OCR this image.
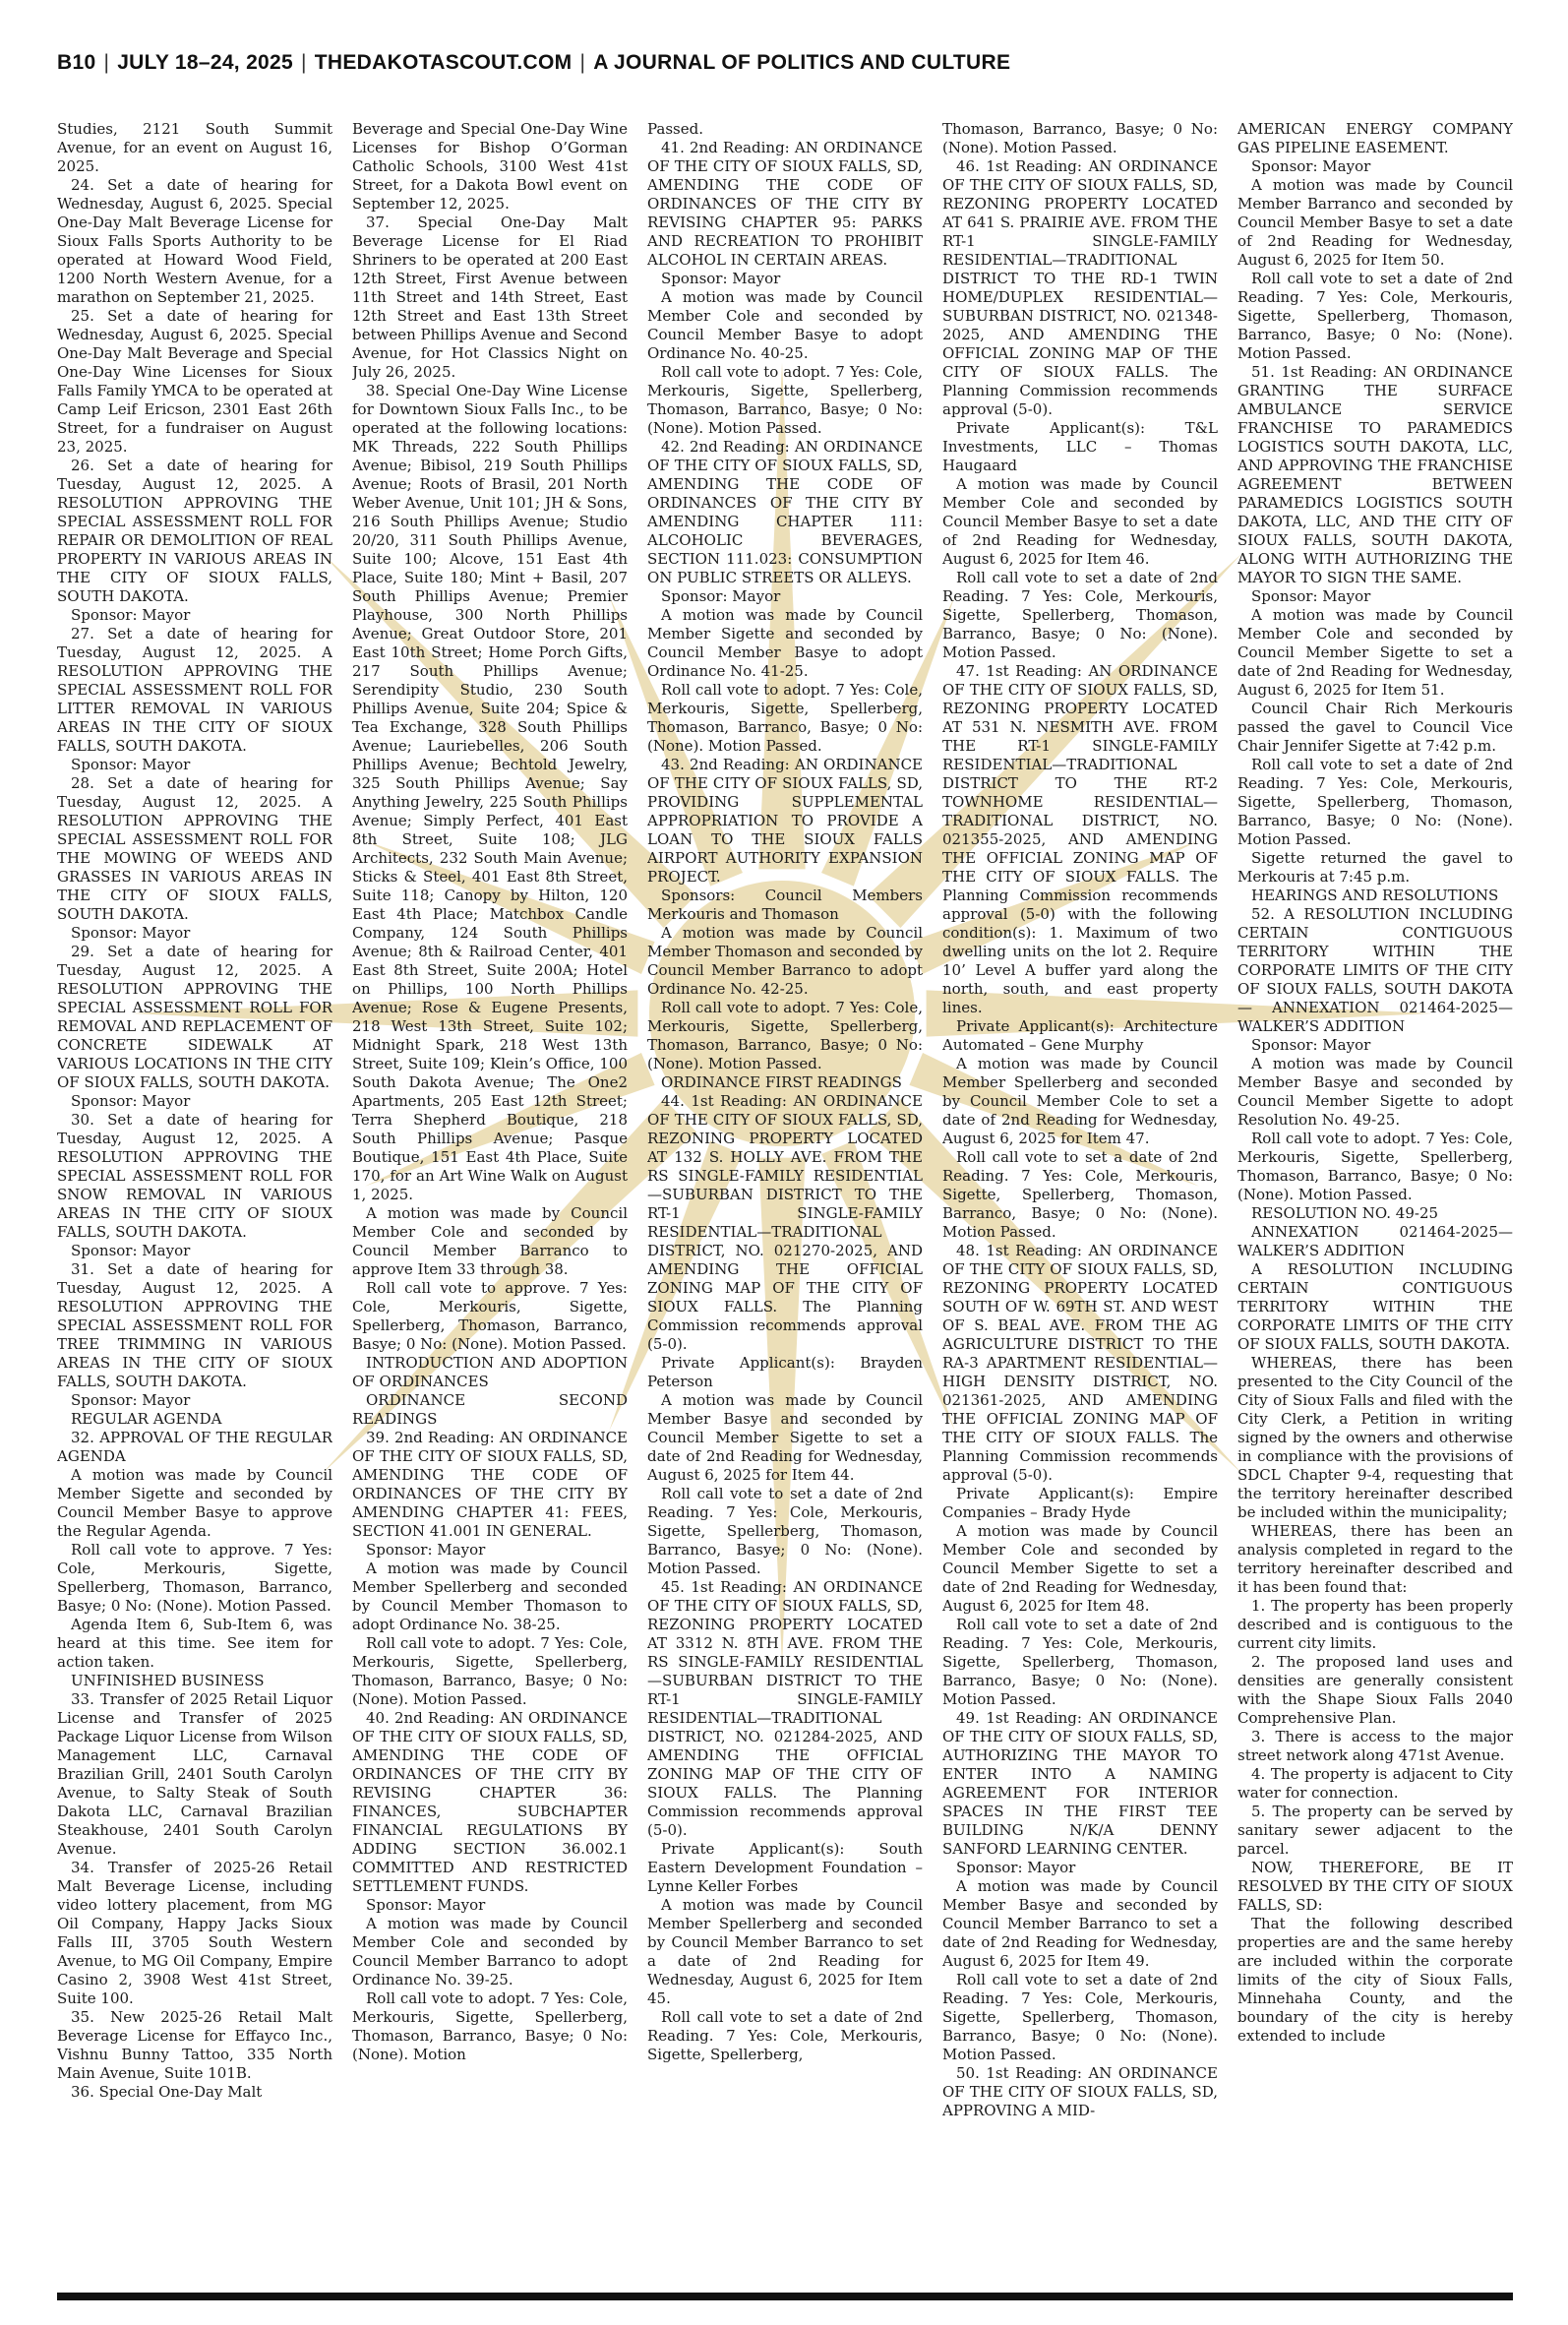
B10 | JULY 18–24, 2025 | THEDAKOTASCOUT.COM | A JOURNAL OF POLITICS AND CULTURE

Studies, 2121 South Summit Avenue, for an event on August 16, 2025.

24. Set a date of hearing for Wednesday, August 6, 2025. Special One-Day Malt Beverage License for Sioux Falls Sports Authority to be operated at Howard Wood Field, 1200 North Western Avenue, for a marathon on September 21, 2025.

25. Set a date of hearing for Wednesday, August 6, 2025. Special One-Day Malt Beverage and Special One-Day Wine Licenses for Sioux Falls Family YMCA to be operated at Camp Leif Ericson, 2301 East 26th Street, for a fundraiser on August 23, 2025.

26. Set a date of hearing for Tuesday, August 12, 2025. A RESOLUTION APPROVING THE SPECIAL ASSESSMENT ROLL FOR REPAIR OR DEMOLITION OF REAL PROPERTY IN VARIOUS AREAS IN THE CITY OF SIOUX FALLS, SOUTH DAKOTA.

Sponsor: Mayor

27. Set a date of hearing for Tuesday, August 12, 2025. A RESOLUTION APPROVING THE SPECIAL ASSESSMENT ROLL FOR LITTER REMOVAL IN VARIOUS AREAS IN THE CITY OF SIOUX FALLS, SOUTH DAKOTA.

Sponsor: Mayor

28. Set a date of hearing for Tuesday, August 12, 2025. A RESOLUTION APPROVING THE SPECIAL ASSESSMENT ROLL FOR THE MOWING OF WEEDS AND GRASSES IN VARIOUS AREAS IN THE CITY OF SIOUX FALLS, SOUTH DAKOTA.

Sponsor: Mayor

29. Set a date of hearing for Tuesday, August 12, 2025. A RESOLUTION APPROVING THE SPECIAL ASSESSMENT ROLL FOR REMOVAL AND REPLACEMENT OF CONCRETE SIDEWALK AT VARIOUS LOCATIONS IN THE CITY OF SIOUX FALLS, SOUTH DAKOTA.

Sponsor: Mayor

30. Set a date of hearing for Tuesday, August 12, 2025. A RESOLUTION APPROVING THE SPECIAL ASSESSMENT ROLL FOR SNOW REMOVAL IN VARIOUS AREAS IN THE CITY OF SIOUX FALLS, SOUTH DAKOTA.

Sponsor: Mayor

31. Set a date of hearing for Tuesday, August 12, 2025. A RESOLUTION APPROVING THE SPECIAL ASSESSMENT ROLL FOR TREE TRIMMING IN VARIOUS AREAS IN THE CITY OF SIOUX FALLS, SOUTH DAKOTA.

Sponsor: Mayor

REGULAR AGENDA

32. APPROVAL OF THE REGULAR AGENDA

A motion was made by Council Member Sigette and seconded by Council Member Basye to approve the Regular Agenda.

Roll call vote to approve. 7 Yes: Cole, Merkouris, Sigette, Spellerberg, Thomason, Barranco, Basye; 0 No: (None). Motion Passed.

Agenda Item 6, Sub-Item 6, was heard at this time. See item for action taken.

UNFINISHED BUSINESS

33. Transfer of 2025 Retail Liquor License and Transfer of 2025 Package Liquor License from Wilson Management LLC, Carnaval Brazilian Grill, 2401 South Carolyn Avenue, to Salty Steak of South Dakota LLC, Carnaval Brazilian Steakhouse, 2401 South Carolyn Avenue.

34. Transfer of 2025-26 Retail Malt Beverage License, including video lottery placement, from MG Oil Company, Happy Jacks Sioux Falls III, 3705 South Western Avenue, to MG Oil Company, Empire Casino 2, 3908 West 41st Street, Suite 100.

35. New 2025-26 Retail Malt Beverage License for Effayco Inc., Vishnu Bunny Tattoo, 335 North Main Avenue, Suite 101B.

36. Special One-Day Malt

Beverage and Special One-Day Wine Licenses for Bishop O’Gorman Catholic Schools, 3100 West 41st Street, for a Dakota Bowl event on September 12, 2025.

37. Special One-Day Malt Beverage License for El Riad Shriners to be operated at 200 East 12th Street, First Avenue between 11th Street and 14th Street, East 12th Street and East 13th Street between Phillips Avenue and Second Avenue, for Hot Classics Night on July 26, 2025.

38. Special One-Day Wine License for Downtown Sioux Falls Inc., to be operated at the following locations: MK Threads, 222 South Phillips Avenue; Bibisol, 219 South Phillips Avenue; Roots of Brasil, 201 North Weber Avenue, Unit 101; JH & Sons, 216 South Phillips Avenue; Studio 20/20, 311 South Phillips Avenue, Suite 100; Alcove, 151 East 4th Place, Suite 180; Mint + Basil, 207 South Phillips Avenue; Premier Playhouse, 300 North Phillips Avenue; Great Outdoor Store, 201 East 10th Street; Home Porch Gifts, 217 South Phillips Avenue; Serendipity Studio, 230 South Phillips Avenue, Suite 204; Spice & Tea Exchange, 328 South Phillips Avenue; Lauriebelles, 206 South Phillips Avenue; Bechtold Jewelry, 325 South Phillips Avenue; Say Anything Jewelry, 225 South Phillips Avenue; Simply Perfect, 401 East 8th Street, Suite 108; JLG Architects, 232 South Main Avenue; Sticks & Steel, 401 East 8th Street, Suite 118; Canopy by Hilton, 120 East 4th Place; Matchbox Candle Company, 124 South Phillips Avenue; 8th & Railroad Center, 401 East 8th Street, Suite 200A; Hotel on Phillips, 100 North Phillips Avenue; Rose & Eugene Presents, 218 West 13th Street, Suite 102; Midnight Spark, 218 West 13th Street, Suite 109; Klein’s Office, 100 South Dakota Avenue; The One2 Apartments, 205 East 12th Street; Terra Shepherd Boutique, 218 South Phillips Avenue; Pasque Boutique, 151 East 4th Place, Suite 170, for an Art Wine Walk on August 1, 2025.

A motion was made by Council Member Cole and seconded by Council Member Barranco to approve Item 33 through 38.

Roll call vote to approve. 7 Yes: Cole, Merkouris, Sigette, Spellerberg, Thomason, Barranco, Basye; 0 No: (None). Motion Passed.

INTRODUCTION AND ADOPTION OF ORDINANCES

ORDINANCE SECOND READINGS

39. 2nd Reading: AN ORDINANCE OF THE CITY OF SIOUX FALLS, SD, AMENDING THE CODE OF ORDINANCES OF THE CITY BY AMENDING CHAPTER 41: FEES, SECTION 41.001 IN GENERAL.

Sponsor: Mayor

A motion was made by Council Member Spellerberg and seconded by Council Member Thomason to adopt Ordinance No. 38-25.

Roll call vote to adopt. 7 Yes: Cole, Merkouris, Sigette, Spellerberg, Thomason, Barranco, Basye; 0 No: (None). Motion Passed.

40. 2nd Reading: AN ORDINANCE OF THE CITY OF SIOUX FALLS, SD, AMENDING THE CODE OF ORDINANCES OF THE CITY BY REVISING CHAPTER 36: FINANCES, SUBCHAPTER FINANCIAL REGULATIONS BY ADDING SECTION 36.002.1 COMMITTED AND RESTRICTED SETTLEMENT FUNDS.

Sponsor: Mayor

A motion was made by Council Member Cole and seconded by Council Member Barranco to adopt Ordinance No. 39-25.

Roll call vote to adopt. 7 Yes: Cole, Merkouris, Sigette, Spellerberg, Thomason, Barranco, Basye; 0 No: (None). Motion

Passed.

41. 2nd Reading: AN ORDINANCE OF THE CITY OF SIOUX FALLS, SD, AMENDING THE CODE OF ORDINANCES OF THE CITY BY REVISING CHAPTER 95: PARKS AND RECREATION TO PROHIBIT ALCOHOL IN CERTAIN AREAS.

Sponsor: Mayor

A motion was made by Council Member Cole and seconded by Council Member Basye to adopt Ordinance No. 40-25.

Roll call vote to adopt. 7 Yes: Cole, Merkouris, Sigette, Spellerberg, Thomason, Barranco, Basye; 0 No: (None). Motion Passed.

42. 2nd Reading: AN ORDINANCE OF THE CITY OF SIOUX FALLS, SD, AMENDING THE CODE OF ORDINANCES OF THE CITY BY AMENDING CHAPTER 111: ALCOHOLIC BEVERAGES, SECTION 111.023: CONSUMPTION ON PUBLIC STREETS OR ALLEYS.

Sponsor: Mayor

A motion was made by Council Member Sigette and seconded by Council Member Basye to adopt Ordinance No. 41-25.

Roll call vote to adopt. 7 Yes: Cole, Merkouris, Sigette, Spellerberg, Thomason, Barranco, Basye; 0 No: (None). Motion Passed.

43. 2nd Reading: AN ORDINANCE OF THE CITY OF SIOUX FALLS, SD, PROVIDING SUPPLEMENTAL APPROPRIATION TO PROVIDE A LOAN TO THE SIOUX FALLS AIRPORT AUTHORITY EXPANSION PROJECT.

Sponsors: Council Members Merkouris and Thomason

A motion was made by Council Member Thomason and seconded by Council Member Barranco to adopt Ordinance No. 42-25.

Roll call vote to adopt. 7 Yes: Cole, Merkouris, Sigette, Spellerberg, Thomason, Barranco, Basye; 0 No: (None). Motion Passed.

ORDINANCE FIRST READINGS

44. 1st Reading: AN ORDINANCE OF THE CITY OF SIOUX FALLS, SD, REZONING PROPERTY LOCATED AT 132 S. HOLLY AVE. FROM THE RS SINGLE-FAMILY RESIDENTIAL—SUBURBAN DISTRICT TO THE RT-1 SINGLE-FAMILY RESIDENTIAL—TRADITIONAL DISTRICT, NO. 021270-2025, AND AMENDING THE OFFICIAL ZONING MAP OF THE CITY OF SIOUX FALLS. The Planning Commission recommends approval (5-0).

Private Applicant(s): Brayden Peterson

A motion was made by Council Member Basye and seconded by Council Member Sigette to set a date of 2nd Reading for Wednesday, August 6, 2025 for Item 44.

Roll call vote to set a date of 2nd Reading. 7 Yes: Cole, Merkouris, Sigette, Spellerberg, Thomason, Barranco, Basye; 0 No: (None). Motion Passed.

45. 1st Reading: AN ORDINANCE OF THE CITY OF SIOUX FALLS, SD, REZONING PROPERTY LOCATED AT 3312 N. 8TH AVE. FROM THE RS SINGLE-FAMILY RESIDENTIAL—SUBURBAN DISTRICT TO THE RT-1 SINGLE-FAMILY RESIDENTIAL—TRADITIONAL DISTRICT, NO. 021284-2025, AND AMENDING THE OFFICIAL ZONING MAP OF THE CITY OF SIOUX FALLS. The Planning Commission recommends approval (5-0).

Private Applicant(s): South Eastern Development Foundation – Lynne Keller Forbes

A motion was made by Council Member Spellerberg and seconded by Council Member Barranco to set a date of 2nd Reading for Wednesday, August 6, 2025 for Item 45.

Roll call vote to set a date of 2nd Reading. 7 Yes: Cole, Merkouris, Sigette, Spellerberg,

Thomason, Barranco, Basye; 0 No: (None). Motion Passed.

46. 1st Reading: AN ORDINANCE OF THE CITY OF SIOUX FALLS, SD, REZONING PROPERTY LOCATED AT 641 S. PRAIRIE AVE. FROM THE RT-1 SINGLE-FAMILY RESIDENTIAL—TRADITIONAL DISTRICT TO THE RD-1 TWIN HOME/DUPLEX RESIDENTIAL—SUBURBAN DISTRICT, NO. 021348-2025, AND AMENDING THE OFFICIAL ZONING MAP OF THE CITY OF SIOUX FALLS. The Planning Commission recommends approval (5-0).

Private Applicant(s): T&L Investments, LLC – Thomas Haugaard

A motion was made by Council Member Cole and seconded by Council Member Basye to set a date of 2nd Reading for Wednesday, August 6, 2025 for Item 46.

Roll call vote to set a date of 2nd Reading. 7 Yes: Cole, Merkouris, Sigette, Spellerberg, Thomason, Barranco, Basye; 0 No: (None). Motion Passed.

47. 1st Reading: AN ORDINANCE OF THE CITY OF SIOUX FALLS, SD, REZONING PROPERTY LOCATED AT 531 N. NESMITH AVE. FROM THE RT-1 SINGLE-FAMILY RESIDENTIAL—TRADITIONAL DISTRICT TO THE RT-2 TOWNHOME RESIDENTIAL—TRADITIONAL DISTRICT, NO. 021355-2025, AND AMENDING THE OFFICIAL ZONING MAP OF THE CITY OF SIOUX FALLS. The Planning Commission recommends approval (5-0) with the following condition(s): 1. Maximum of two dwelling units on the lot 2. Require 10’ Level A buffer yard along the north, south, and east property lines.

Private Applicant(s): Architecture Automated – Gene Murphy

A motion was made by Council Member Spellerberg and seconded by Council Member Cole to set a date of 2nd Reading for Wednesday, August 6, 2025 for Item 47.

Roll call vote to set a date of 2nd Reading. 7 Yes: Cole, Merkouris, Sigette, Spellerberg, Thomason, Barranco, Basye; 0 No: (None). Motion Passed.

48. 1st Reading: AN ORDINANCE OF THE CITY OF SIOUX FALLS, SD, REZONING PROPERTY LOCATED SOUTH OF W. 69TH ST. AND WEST OF S. BEAL AVE. FROM THE AG AGRICULTURE DISTRICT TO THE RA-3 APARTMENT RESIDENTIAL—HIGH DENSITY DISTRICT, NO. 021361-2025, AND AMENDING THE OFFICIAL ZONING MAP OF THE CITY OF SIOUX FALLS. The Planning Commission recommends approval (5-0).

Private Applicant(s): Empire Companies – Brady Hyde

A motion was made by Council Member Cole and seconded by Council Member Sigette to set a date of 2nd Reading for Wednesday, August 6, 2025 for Item 48.

Roll call vote to set a date of 2nd Reading. 7 Yes: Cole, Merkouris, Sigette, Spellerberg, Thomason, Barranco, Basye; 0 No: (None). Motion Passed.

49. 1st Reading: AN ORDINANCE OF THE CITY OF SIOUX FALLS, SD, AUTHORIZING THE MAYOR TO ENTER INTO A NAMING AGREEMENT FOR INTERIOR SPACES IN THE FIRST TEE BUILDING N/K/A DENNY SANFORD LEARNING CENTER.

Sponsor: Mayor

A motion was made by Council Member Basye and seconded by Council Member Barranco to set a date of 2nd Reading for Wednesday, August 6, 2025 for Item 49.

Roll call vote to set a date of 2nd Reading. 7 Yes: Cole, Merkouris, Sigette, Spellerberg, Thomason, Barranco, Basye; 0 No: (None). Motion Passed.

50. 1st Reading: AN ORDINANCE OF THE CITY OF SIOUX FALLS, SD, APPROVING A MID-

AMERICAN ENERGY COMPANY GAS PIPELINE EASEMENT.

Sponsor: Mayor

A motion was made by Council Member Barranco and seconded by Council Member Basye to set a date of 2nd Reading for Wednesday, August 6, 2025 for Item 50.

Roll call vote to set a date of 2nd Reading. 7 Yes: Cole, Merkouris, Sigette, Spellerberg, Thomason, Barranco, Basye; 0 No: (None). Motion Passed.

51. 1st Reading: AN ORDINANCE GRANTING THE SURFACE AMBULANCE SERVICE FRANCHISE TO PARAMEDICS LOGISTICS SOUTH DAKOTA, LLC, AND APPROVING THE FRANCHISE AGREEMENT BETWEEN PARAMEDICS LOGISTICS SOUTH DAKOTA, LLC, AND THE CITY OF SIOUX FALLS, SOUTH DAKOTA, ALONG WITH AUTHORIZING THE MAYOR TO SIGN THE SAME.

Sponsor: Mayor

A motion was made by Council Member Cole and seconded by Council Member Sigette to set a date of 2nd Reading for Wednesday, August 6, 2025 for Item 51.

Council Chair Rich Merkouris passed the gavel to Council Vice Chair Jennifer Sigette at 7:42 p.m.

Roll call vote to set a date of 2nd Reading. 7 Yes: Cole, Merkouris, Sigette, Spellerberg, Thomason, Barranco, Basye; 0 No: (None). Motion Passed.

Sigette returned the gavel to Merkouris at 7:45 p.m.

HEARINGS AND RESOLUTIONS

52. A RESOLUTION INCLUDING CERTAIN CONTIGUOUS TERRITORY WITHIN THE CORPORATE LIMITS OF THE CITY OF SIOUX FALLS, SOUTH DAKOTA — ANNEXATION 021464-2025—WALKER’S ADDITION

Sponsor: Mayor

A motion was made by Council Member Basye and seconded by Council Member Sigette to adopt Resolution No. 49-25.

Roll call vote to adopt. 7 Yes: Cole, Merkouris, Sigette, Spellerberg, Thomason, Barranco, Basye; 0 No: (None). Motion Passed.

RESOLUTION NO. 49-25

ANNEXATION 021464-2025—WALKER’S ADDITION

A RESOLUTION INCLUDING CERTAIN CONTIGUOUS TERRITORY WITHIN THE CORPORATE LIMITS OF THE CITY OF SIOUX FALLS, SOUTH DAKOTA.

WHEREAS, there has been presented to the City Council of the City of Sioux Falls and filed with the City Clerk, a Petition in writing signed by the owners and otherwise in compliance with the provisions of SDCL Chapter 9-4, requesting that the territory hereinafter described be included within the municipality;

WHEREAS, there has been an analysis completed in regard to the territory hereinafter described and it has been found that:

1. The property has been properly described and is contiguous to the current city limits.

2. The proposed land uses and densities are generally consistent with the Shape Sioux Falls 2040 Comprehensive Plan.

3. There is access to the major street network along 471st Avenue.

4. The property is adjacent to City water for connection.

5. The property can be served by sanitary sewer adjacent to the parcel.

NOW, THEREFORE, BE IT RESOLVED BY THE CITY OF SIOUX FALLS, SD:

That the following described properties are and the same hereby are included within the corporate limits of the city of Sioux Falls, Minnehaha County, and the boundary of the city is hereby extended to include
